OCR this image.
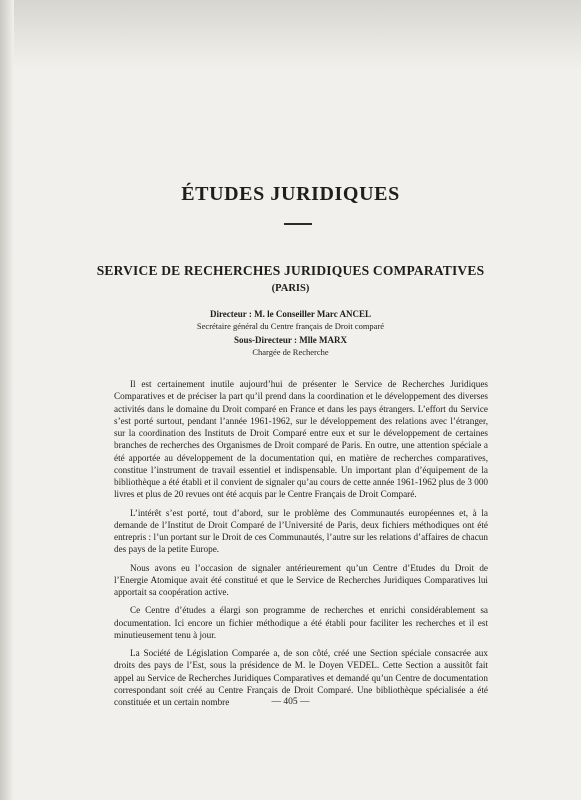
ÉTUDES JURIDIQUES
SERVICE DE RECHERCHES JURIDIQUES COMPARATIVES
(PARIS)
Directeur : M. le Conseiller Marc ANCEL
Secrétaire général du Centre français de Droit comparé
Sous-Directeur : Mlle MARX
Chargée de Recherche

Il est certainement inutile aujourd’hui de présenter le Service de Recherches Juridiques Comparatives et de préciser la part qu’il prend dans la coordination et le développement des diverses activités dans le domaine du Droit comparé en France et dans les pays étrangers. L’effort du Service s’est porté surtout, pendant l’année 1961-1962, sur le développement des relations avec l’étranger, sur la coordination des Instituts de Droit Comparé entre eux et sur le développement de certaines branches de recherches des Organismes de Droit comparé de Paris. En outre, une attention spéciale a été apportée au développement de la documentation qui, en matière de recherches comparatives, constitue l’instrument de travail essentiel et indispensable. Un important plan d’équipement de la bibliothèque a été établi et il convient de signaler qu’au cours de cette année 1961-1962 plus de 3 000 livres et plus de 20 revues ont été acquis par le Centre Français de Droit Comparé.

L’intérêt s’est porté, tout d’abord, sur le problème des Communautés européennes et, à la demande de l’Institut de Droit Comparé de l’Université de Paris, deux fichiers méthodiques ont été entrepris : l’un portant sur le Droit de ces Communautés, l’autre sur les relations d’affaires de chacun des pays de la petite Europe.

Nous avons eu l’occasion de signaler antérieurement qu’un Centre d’Etudes du Droit de l’Energie Atomique avait été constitué et que le Service de Recherches Juridiques Comparatives lui apportait sa coopération active.

Ce Centre d’études a élargi son programme de recherches et enrichi considérablement sa documentation. Ici encore un fichier méthodique a été établi pour faciliter les recherches et il est minutieusement tenu à jour.

La Société de Législation Comparée a, de son côté, créé une Section spéciale consacrée aux droits des pays de l’Est, sous la présidence de M. le Doyen VEDEL. Cette Section a aussitôt fait appel au Service de Recherches Juridiques Comparatives et demandé qu’un Centre de documentation correspondant soit créé au Centre Français de Droit Comparé. Une bibliothèque spécialisée a été constituée et un certain nombre	— 405 —
